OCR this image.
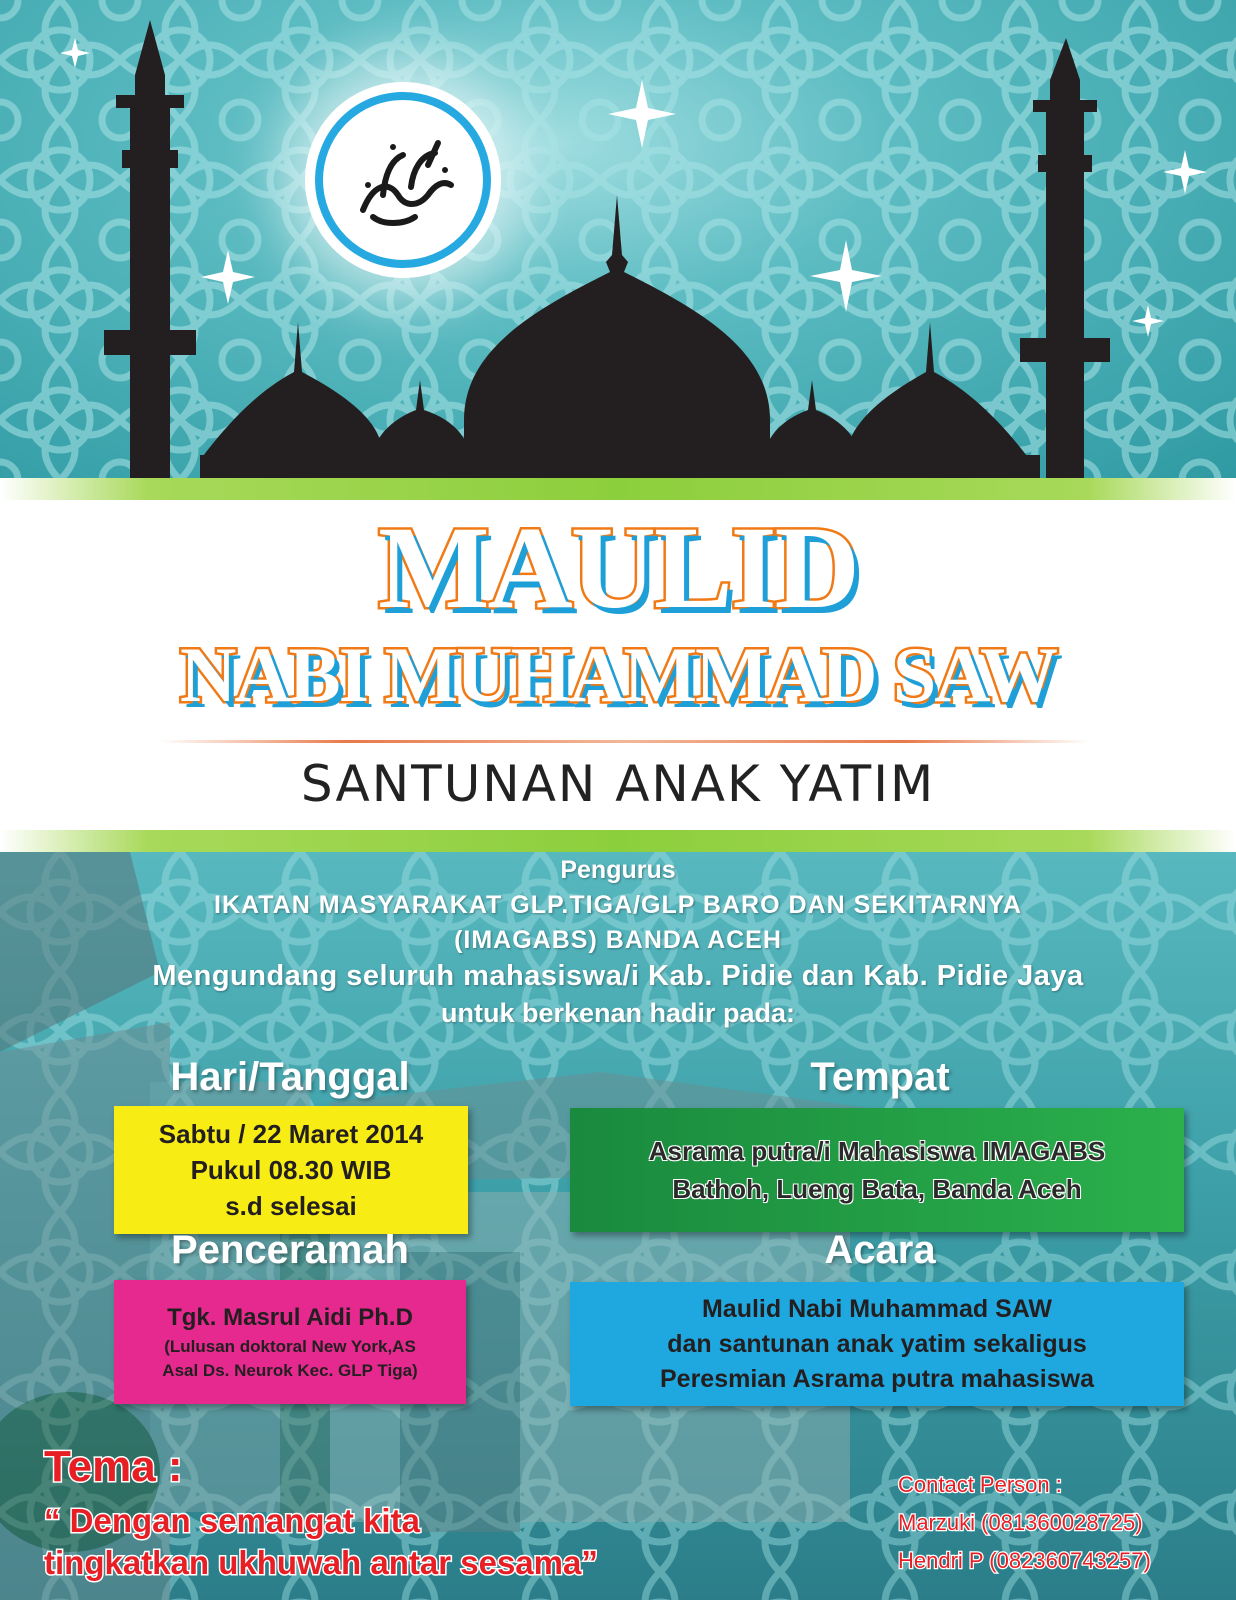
MAULID
NABI MUHAMMAD SAW
SANTUNAN ANAK YATIM
Pengurus
IKATAN MASYARAKAT GLP.TIGA/GLP BARO DAN SEKITARNYA
(IMAGABS) BANDA ACEH
Mengundang seluruh mahasiswa/i Kab. Pidie dan Kab. Pidie Jaya
untuk berkenan hadir pada:
Hari/Tanggal
Sabtu / 22 Maret 2014
Pukul 08.30 WIB
s.d selesai
Tempat
Asrama putra/i Mahasiswa IMAGABS
Bathoh, Lueng Bata, Banda Aceh
Penceramah
Tgk. Masrul Aidi Ph.D
(Lulusan doktoral New York,AS
Asal Ds. Neurok Kec. GLP Tiga)
Acara
Maulid Nabi Muhammad SAW
dan santunan anak yatim sekaligus
Peresmian Asrama putra mahasiswa
Tema :
“ Dengan semangat kita
tingkatkan ukhuwah antar sesama”
Contact Person :
Marzuki (081360028725)
Hendri P (082360743257)
